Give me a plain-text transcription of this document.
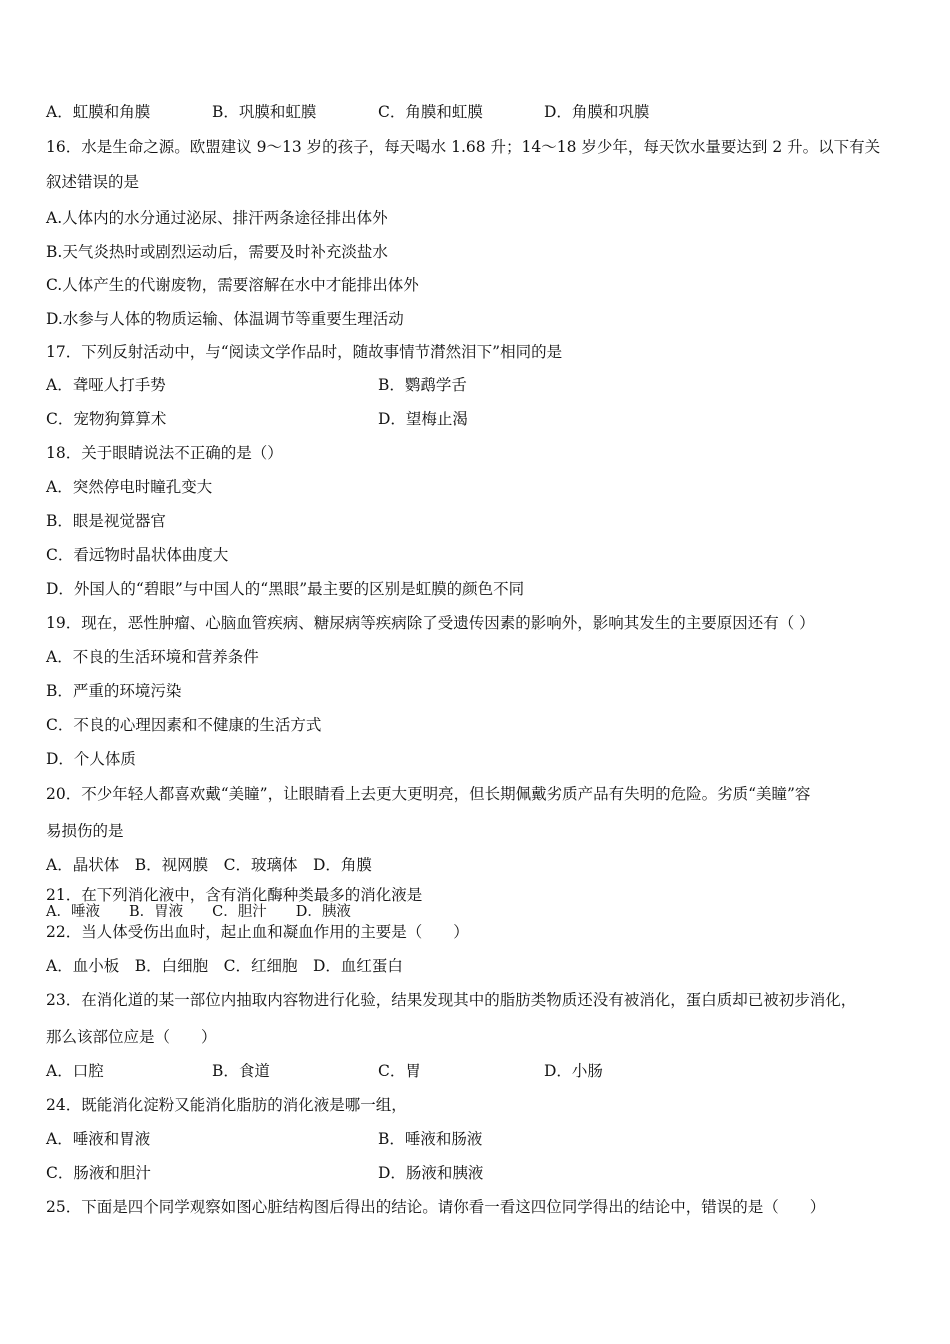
A．虹膜和角膜	B．巩膜和虹膜	C．角膜和虹膜	D．角膜和巩膜
16．水是生命之源。欧盟建议 9～13 岁的孩子，每天喝水 1.68 升；14～18 岁少年，每天饮水量要达到 2 升。以下有关
叙述错误的是
A.人体内的水分通过泌尿、排汗两条途径排出体外
B.天气炎热时或剧烈运动后，需要及时补充淡盐水
C.人体产生的代谢废物，需要溶解在水中才能排出体外
D.水参与人体的物质运输、体温调节等重要生理活动
17．下列反射活动中，与“阅读文学作品时，随故事情节潸然泪下”相同的是
A．聋哑人打手势	B．鹦鹉学舌
C．宠物狗算算术	D．望梅止渴
18．关于眼睛说法不正确的是（）
A．突然停电时瞳孔变大
B．眼是视觉器官
C．看远物时晶状体曲度大
D．外国人的“碧眼”与中国人的“黑眼”最主要的区别是虹膜的颜色不同
19．现在，恶性肿瘤、心脑血管疾病、糖尿病等疾病除了受遗传因素的影响外，影响其发生的主要原因还有（ ）
A．不良的生活环境和营养条件
B．严重的环境污染
C．不良的心理因素和不健康的生活方式
D．个人体质
20．不少年轻人都喜欢戴“美瞳”，让眼睛看上去更大更明亮，但长期佩戴劣质产品有失明的危险。劣质“美瞳”容
易损伤的是
A．晶状体　B．视网膜　C．玻璃体　D．角膜
21．在下列消化液中，含有消化酶种类最多的消化液是
A．唾液　　B．胃液　　C．胆汁　　D．胰液
22．当人体受伤出血时，起止血和凝血作用的主要是（　　）
A．血小板　B．白细胞　C．红细胞　D．血红蛋白
23．在消化道的某一部位内抽取内容物进行化验，结果发现其中的脂肪类物质还没有被消化，蛋白质却已被初步消化，
那么该部位应是（　　）
A．口腔	B．食道	C．胃	D．小肠
24．既能消化淀粉又能消化脂肪的消化液是哪一组，
A．唾液和胃液	B．唾液和肠液
C．肠液和胆汁	D．肠液和胰液
25．下面是四个同学观察如图心脏结构图后得出的结论。请你看一看这四位同学得出的结论中，错误的是（　　）
